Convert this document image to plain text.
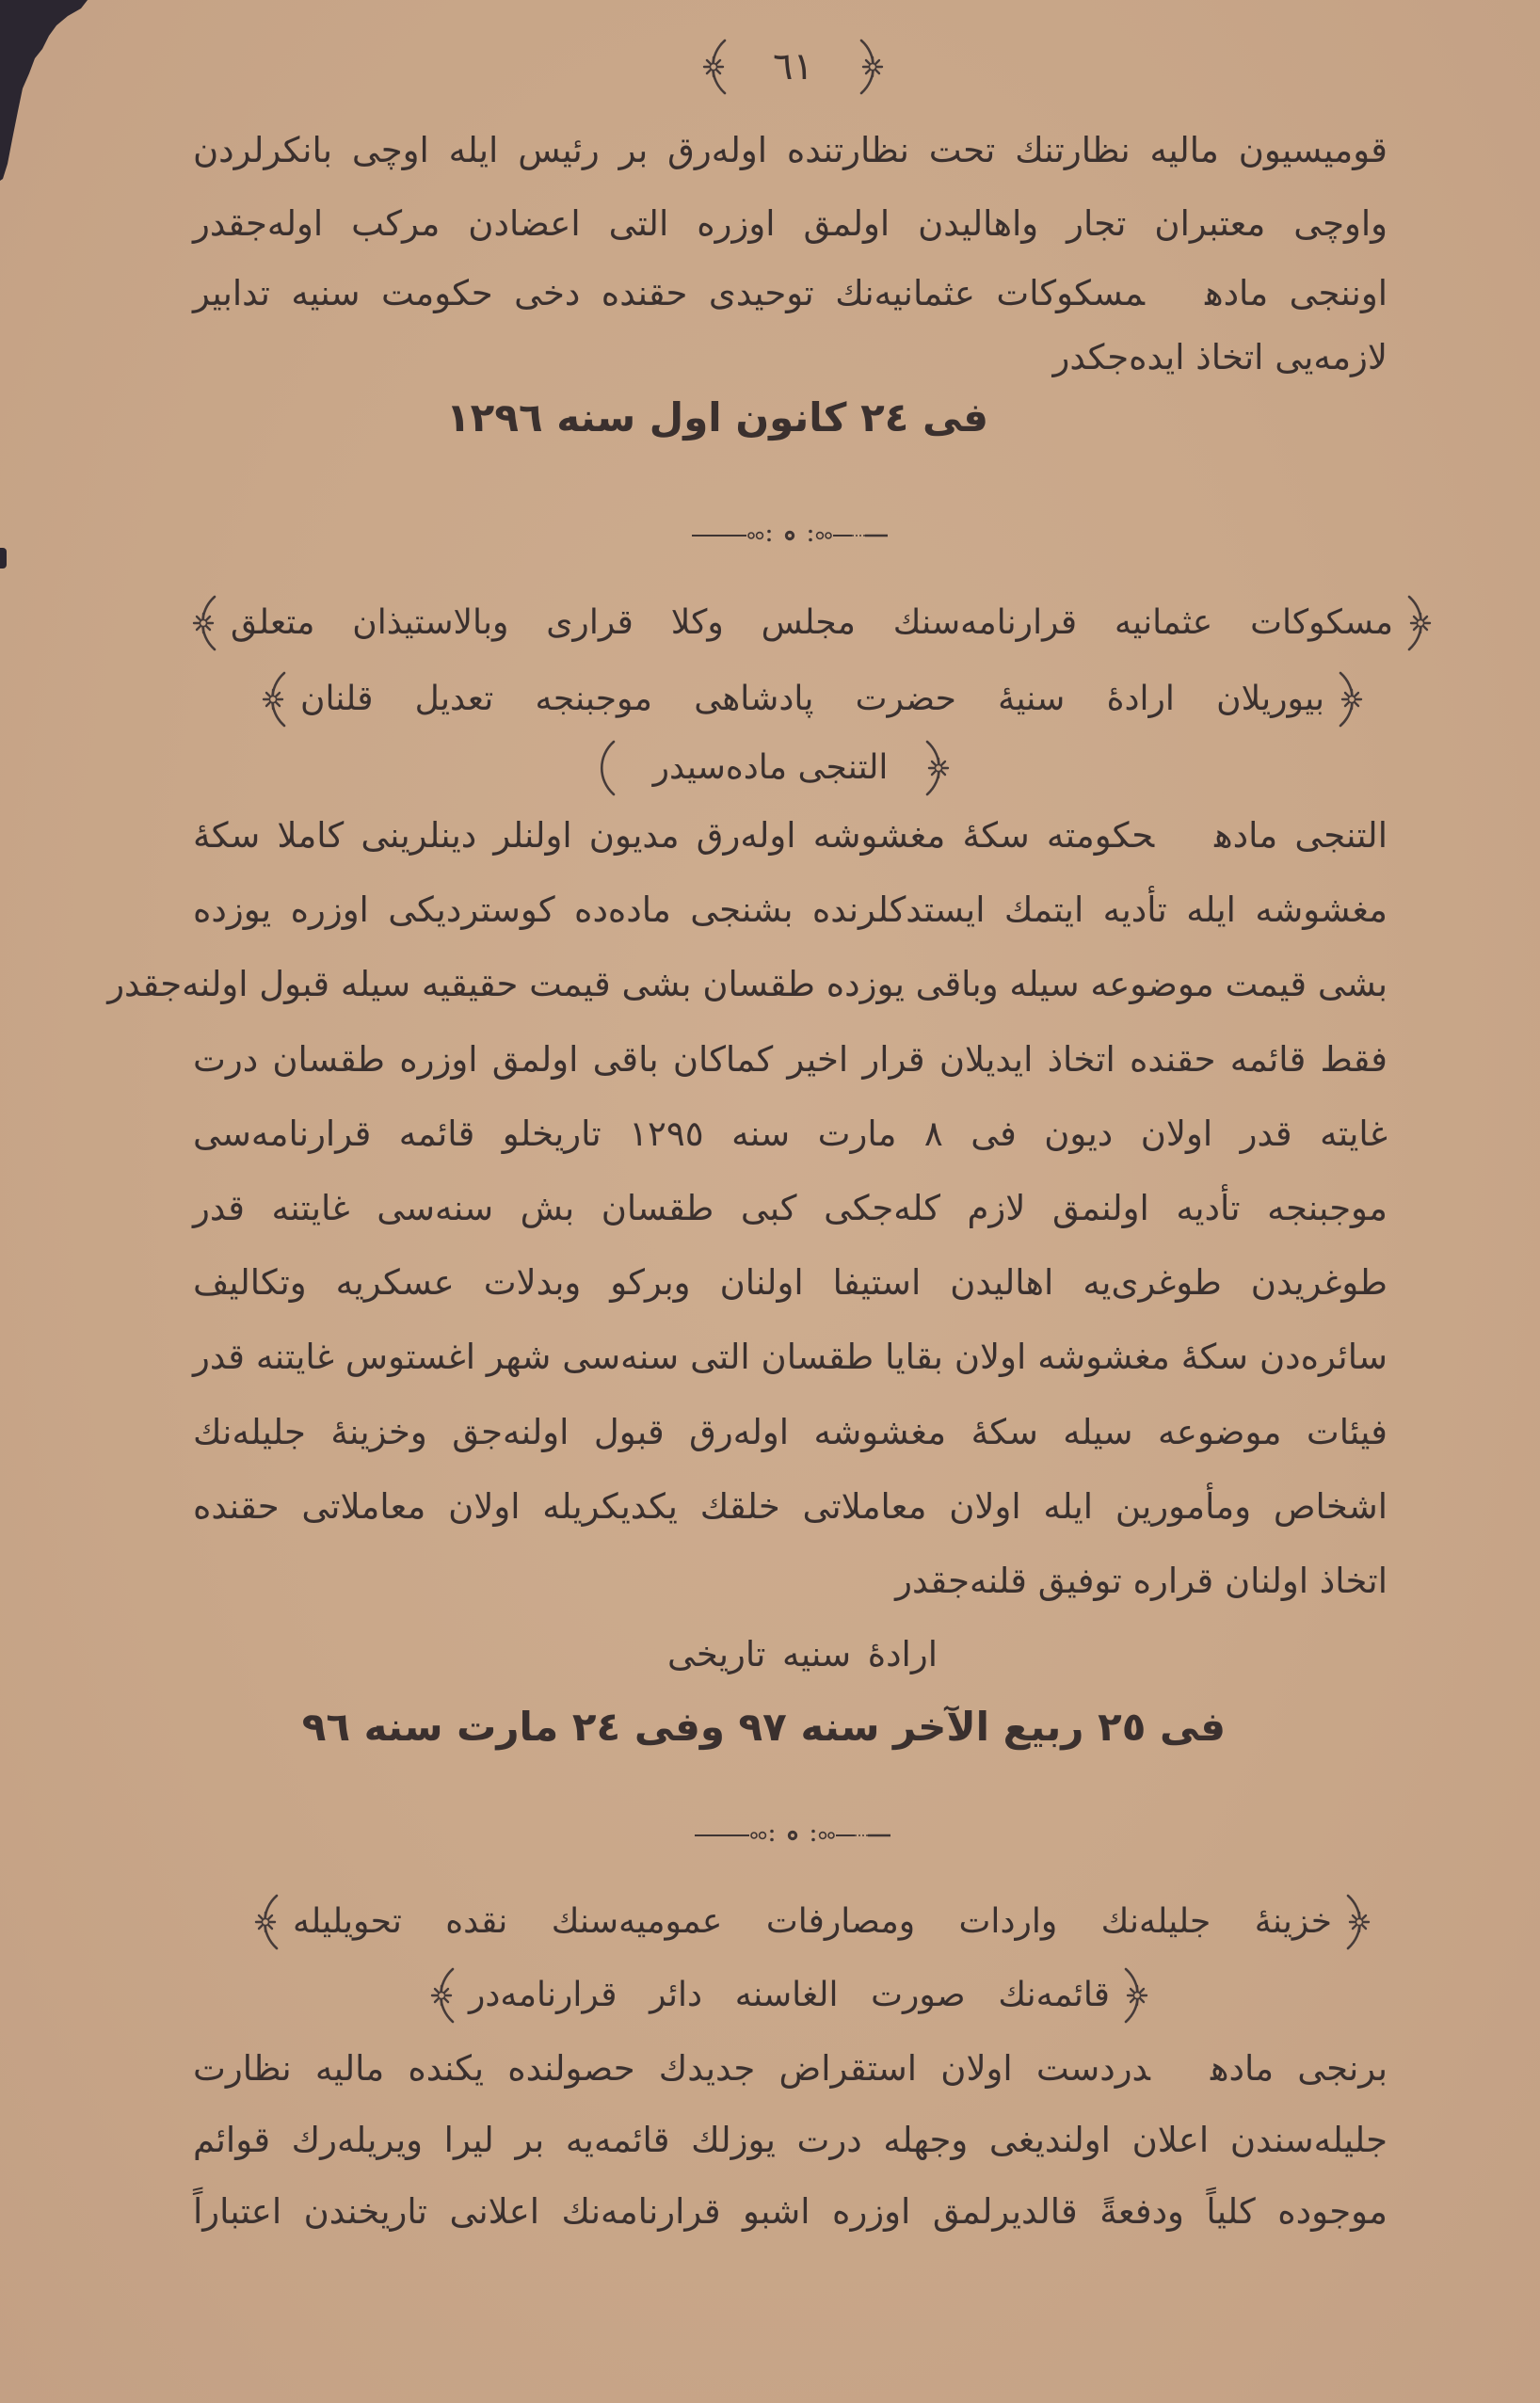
٦١
قومیسیون مالیه نظارتنك تحت نظارتنده اوله‌رق بر رئیس ایله اوچی بانكرلردن
واوچی معتبران تجار واهالیدن اولمق اوزره التی اعضادن مركب اوله‌جقدر
اوننجی مادهمسكوكات عثمانیه‌نك توحیدی حقنده دخی حكومت سنیه تدابیر
لازمه‌یی اتخاذ ایده‌جكدر
فی ٢٤ كانون اول سنه ١٢٩٦
مسكوكات عثمانیه قرارنامه‌سنك مجلس وكلا قراری وبالاستیذان متعلق
بیوریلان ارادهٔ سنیهٔ حضرت پادشاهی موجبنجه تعدیل قلنان
التنجی ماده‌سیدر
التنجی مادهحكومته سكهٔ مغشوشه اوله‌رق مدیون اولنلر دینلرینی كاملا سكهٔ
مغشوشه ایله تأدیه ایتمك ایستدكلرنده بشنجی ماده‌ده كوستردیكی اوزره یوزده
بشی قیمت موضوعه سیله وباقی یوزده طقسان بشی قیمت حقیقیه سیله قبول اولنه‌جقدر
فقط قائمه حقنده اتخاذ ایدیلان قرار اخیر كماكان باقی اولمق اوزره طقسان درت
غایته قدر اولان دیون فی ٨ مارت سنه ١٢٩٥ تاریخلو قائمه قرارنامه‌سی
موجبنجه تأدیه اولنمق لازم كله‌جكی كبی طقسان بش سنه‌سی غایتنه قدر
طوغریدن طوغری‌یه اهالیدن استیفا اولنان وبركو وبدلات عسكریه وتكالیف
سائره‌دن سكهٔ مغشوشه اولان بقایا طقسان التی سنه‌سی شهر اغستوس غایتنه قدر
فیئات موضوعه سیله سكهٔ مغشوشه اوله‌رق قبول اولنه‌جق وخزینهٔ جلیله‌نك
اشخاص ومأمورین ایله اولان معاملاتی خلقك یكدیكریله اولان معاملاتی حقنده
اتخاذ اولنان قراره توفیق قلنه‌جقدر
ارادهٔ سنیه تاریخی
فی ٢٥ ربیع الآخر سنه ٩٧ وفی ٢٤ مارت سنه ٩٦
خزینهٔ جلیله‌نك واردات ومصارفات عمومیه‌سنك نقده تحویلیله
قائمه‌نك صورت الغاسنه دائر قرارنامه‌در
برنجی مادهدردست اولان استقراض جدیدك حصولنده یكنده مالیه نظارت
جلیله‌سندن اعلان اولندیغی وجهله درت یوزلك قائمه‌یه بر لیرا ویریله‌رك قوائم
موجوده كلیاً ودفعةً قالدیرلمق اوزره اشبو قرارنامه‌نك اعلانی تاریخندن اعتباراً
